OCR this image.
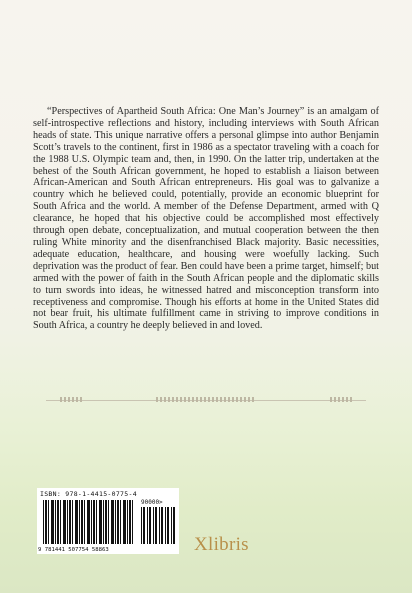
“Perspectives of Apartheid South Africa: One Man’s Journey” is an amalgam of self-introspective reflections and history, including interviews with South African heads of state. This unique narrative offers a personal glimpse into author Benjamin Scott’s travels to the continent, first in 1986 as a spectator traveling with a coach for the 1988 U.S. Olympic team and, then, in 1990. On the latter trip, undertaken at the behest of the South African government, he hoped to establish a liaison between African-American and South African entrepreneurs. His goal was to galvanize a country which he believed could, potentially, provide an economic blueprint for South Africa and the world. A member of the Defense Department, armed with Q clearance, he hoped that his objective could be accomplished most effectively through open debate, conceptualization, and mutual cooperation between the then ruling White minority and the disenfranchised Black majority. Basic necessities, adequate education, healthcare, and housing were woefully lacking. Such deprivation was the product of fear. Ben could have been a prime target, himself; but armed with the power of faith in the South African people and the diplomatic skills to turn swords into ideas, he witnessed hatred and misconception transform into receptiveness and compromise. Though his efforts at home in the United States did not bear fruit, his ultimate fulfillment came in striving to improve conditions in South Africa, a country he deeply believed in and loved.

ISBN: 978-1-4415-0775-4
90000>
9 781441 507754 58863	Xlibris
